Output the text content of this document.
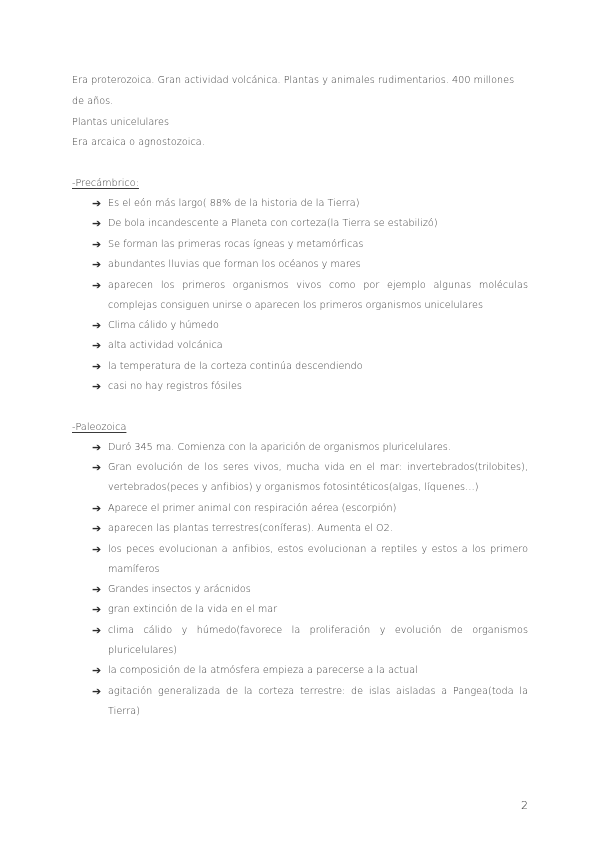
Era proterozoica. Gran actividad volcánica. Plantas y animales rudimentarios. 400 millones
de años.
Plantas unicelulares
Era arcaica o agnostozoica.
-Precámbrico:
➔ Es el eón más largo( 88% de la historia de la Tierra)
➔ De bola incandescente a Planeta con corteza(la Tierra se estabilizó)
➔ Se forman las primeras rocas ígneas y metamórficas
➔ abundantes lluvias que forman los océanos y mares
➔ aparecen los primeros organismos vivos como por ejemplo algunas moléculas complejas consiguen unirse o aparecen los primeros organismos unicelulares
➔ Clima cálido y húmedo
➔ alta actividad volcánica
➔ la temperatura de la corteza continúa descendiendo
➔ casi no hay registros fósiles
-Paleozoica
➔ Duró 345 ma. Comienza con la aparición de organismos pluricelulares.
➔ Gran evolución de los seres vivos, mucha vida en el mar: invertebrados(trilobites), vertebrados(peces y anfibios) y organismos fotosintéticos(algas, líquenes…)
➔ Aparece el primer animal con respiración aérea (escorpión)
➔ aparecen las plantas terrestres(coníferas). Aumenta el O2.
➔ los peces evolucionan a anfibios, estos evolucionan a reptiles y estos a los primero mamíferos
➔ Grandes insectos y arácnidos
➔ gran extinción de la vida en el mar
➔ clima cálido y húmedo(favorece la proliferación y evolución de organismos pluricelulares)
➔ la composición de la atmósfera empieza a parecerse a la actual
➔ agitación generalizada de la corteza terrestre: de islas aisladas a Pangea(toda la Tierra)
2
